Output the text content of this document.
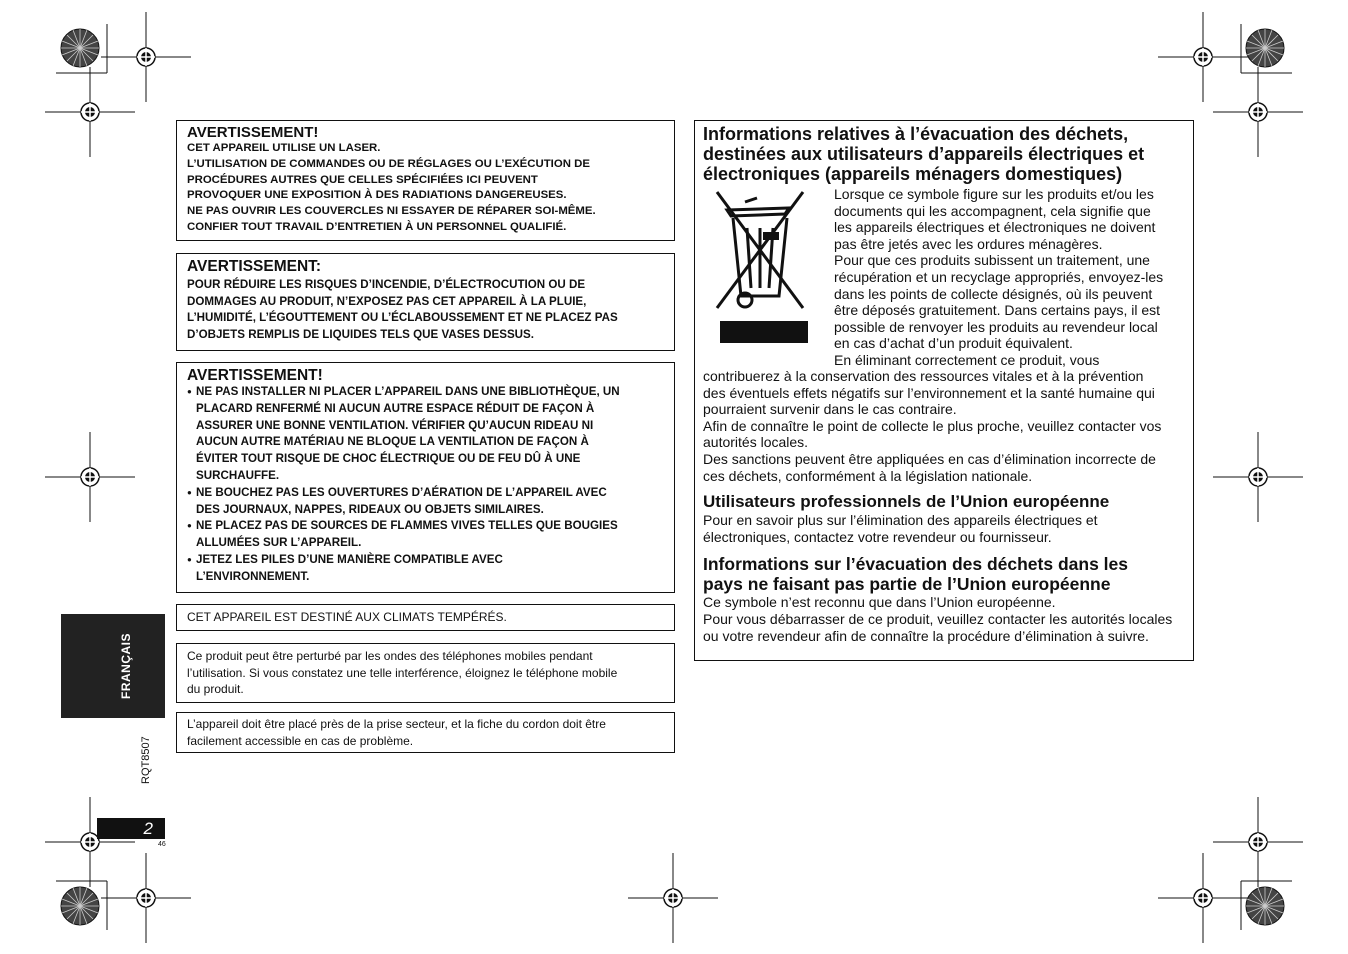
AVERTISSEMENT!
CET APPAREIL UTILISE UN LASER.
L’UTILISATION DE COMMANDES OU DE RÉGLAGES OU L’EXÉCUTION DE
PROCÉDURES AUTRES QUE CELLES SPÉCIFIÉES ICI PEUVENT
PROVOQUER UNE EXPOSITION À DES RADIATIONS DANGEREUSES.
NE PAS OUVRIR LES COUVERCLES NI ESSAYER DE RÉPARER SOI-MÊME.
CONFIER TOUT TRAVAIL D’ENTRETIEN À UN PERSONNEL QUALIFIÉ.
AVERTISSEMENT:
POUR RÉDUIRE LES RISQUES D’INCENDIE, D’ÉLECTROCUTION OU DE
DOMMAGES AU PRODUIT, N’EXPOSEZ PAS CET APPAREIL À LA PLUIE,
L’HUMIDITÉ, L’ÉGOUTTEMENT OU L’ÉCLABOUSSEMENT ET NE PLACEZ PAS
D’OBJETS REMPLIS DE LIQUIDES TELS QUE VASES DESSUS.
AVERTISSEMENT!
● NE PAS INSTALLER NI PLACER L’APPAREIL DANS UNE BIBLIOTHÈQUE, UN
PLACARD RENFERMÉ NI AUCUN AUTRE ESPACE RÉDUIT DE FAÇON À
ASSURER UNE BONNE VENTILATION. VÉRIFIER QU’AUCUN RIDEAU NI
AUCUN AUTRE MATÉRIAU NE BLOQUE LA VENTILATION DE FAÇON À
ÉVITER TOUT RISQUE DE CHOC ÉLECTRIQUE OU DE FEU DÛ À UNE
SURCHAUFFE.
● NE BOUCHEZ PAS LES OUVERTURES D’AÉRATION DE L’APPAREIL AVEC
DES JOURNAUX, NAPPES, RIDEAUX OU OBJETS SIMILAIRES.
● NE PLACEZ PAS DE SOURCES DE FLAMMES VIVES TELLES QUE BOUGIES
ALLUMÉES SUR L’APPAREIL.
● JETEZ LES PILES D’UNE MANIÈRE COMPATIBLE AVEC
L’ENVIRONNEMENT.
CET APPAREIL EST DESTINÉ AUX CLIMATS TEMPÉRÉS.
Ce produit peut être perturbé par les ondes des téléphones mobiles pendant
l’utilisation. Si vous constatez une telle interférence, éloignez le téléphone mobile
du produit.
L’appareil doit être placé près de la prise secteur, et la fiche du cordon doit être
facilement accessible en cas de problème.
Informations relatives à l’évacuation des déchets,
destinées aux utilisateurs d’appareils électriques et
électroniques (appareils ménagers domestiques)
Lorsque ce symbole figure sur les produits et/ou les
documents qui les accompagnent, cela signifie que
les appareils électriques et électroniques ne doivent
pas être jetés avec les ordures ménagères.
Pour que ces produits subissent un traitement, une
récupération et un recyclage appropriés, envoyez-les
dans les points de collecte désignés, où ils peuvent
être déposés gratuitement. Dans certains pays, il est
possible de renvoyer les produits au revendeur local
en cas d’achat d’un produit équivalent.
En éliminant correctement ce produit, vous
contribuerez à la conservation des ressources vitales et à la prévention
des éventuels effets négatifs sur l’environnement et la santé humaine qui
pourraient survenir dans le cas contraire.
Afin de connaître le point de collecte le plus proche, veuillez contacter vos
autorités locales.
Des sanctions peuvent être appliquées en cas d’élimination incorrecte de
ces déchets, conformément à la législation nationale.
Utilisateurs professionnels de l’Union européenne
Pour en savoir plus sur l’élimination des appareils électriques et
électroniques, contactez votre revendeur ou fournisseur.
Informations sur l’évacuation des déchets dans les
pays ne faisant pas partie de l’Union européenne
Ce symbole n’est reconnu que dans l’Union européenne.
Pour vous débarrasser de ce produit, veuillez contacter les autorités locales
ou votre revendeur afin de connaître la procédure d’élimination à suivre.
FRANÇAIS
RQT8507
2
46
